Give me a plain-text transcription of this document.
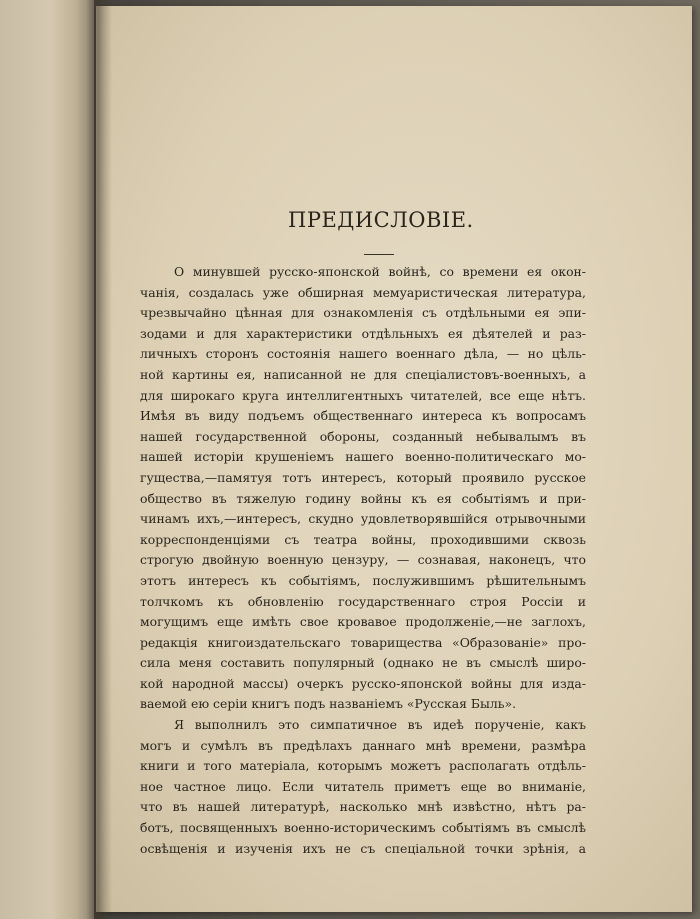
ПРЕДИСЛОВІЕ.
О минувшей русско-японской войнѣ, со времени ея окон-
чанія, создалась уже обширная мемуаристическая литература,
чрезвычайно цѣнная для ознакомленія съ отдѣльными ея эпи-
зодами и для характеристики отдѣльныхъ ея дѣятелей и раз-
личныхъ сторонъ состоянія нашего военнаго дѣла, — но цѣль-
ной картины ея, написанной не для спеціалистовъ-военныхъ, а
для широкаго круга интеллигентныхъ читателей, все еще нѣтъ.
Имѣя въ виду подъемъ общественнаго интереса къ вопросамъ
нашей государственной обороны, созданный небывалымъ въ
нашей исторіи крушеніемъ нашего военно-политическаго мо-
гущества,—памятуя тотъ интересъ, который проявило русское
общество въ тяжелую годину войны къ ея событіямъ и при-
чинамъ ихъ,—интересъ, скудно удовлетворявшійся отрывочными
корреспонденціями съ театра войны, проходившими сквозь
строгую двойную военную цензуру, — сознавая, наконецъ, что
этотъ интересъ къ событіямъ, послужившимъ рѣшительнымъ
толчкомъ къ обновленію государственнаго строя Россіи и
могущимъ еще имѣть свое кровавое продолженіе,—не заглохъ,
редакція книгоиздательскаго товарищества «Образованіе» про-
сила меня составить популярный (однако не въ смыслѣ широ-
кой народной массы) очеркъ русско-японской войны для изда-
ваемой ею серіи книгъ подъ названіемъ «Русская Быль».
Я выполнилъ это симпатичное въ идеѣ порученіе, какъ
могъ и сумѣлъ въ предѣлахъ даннаго мнѣ времени, размѣра
книги и того матеріала, которымъ можетъ располагать отдѣль-
ное частное лицо. Если читатель приметъ еще во вниманіе,
что въ нашей литературѣ, насколько мнѣ извѣстно, нѣтъ ра-
ботъ, посвященныхъ военно-историческимъ событіямъ въ смыслѣ
освѣщенія и изученія ихъ не съ спеціальной точки зрѣнія, а
